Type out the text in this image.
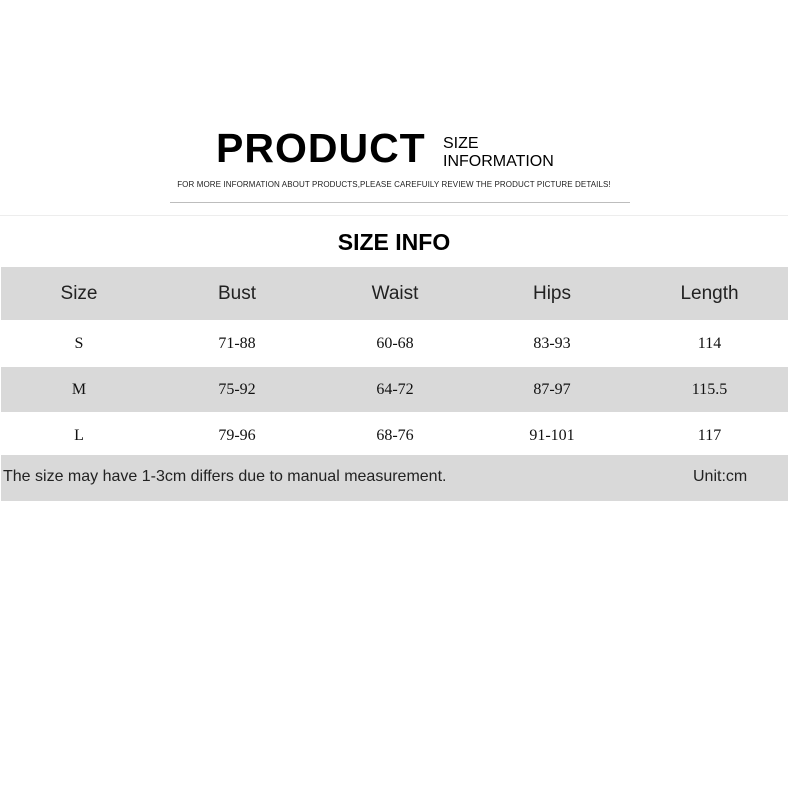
PRODUCT SIZE
INFORMATION
FOR MORE INFORMATION ABOUT PRODUCTS,PLEASE CAREFUILY REVIEW THE PRODUCT PICTURE DETAILS!
SIZE INFO
Size	Bust	Waist	Hips	Length
S	71-88	60-68	83-93	114
M	75-92	64-72	87-97	115.5
L	79-96	68-76	91-101	117
The size may have 1-3cm differs due to manual measurement.	Unit:cm
